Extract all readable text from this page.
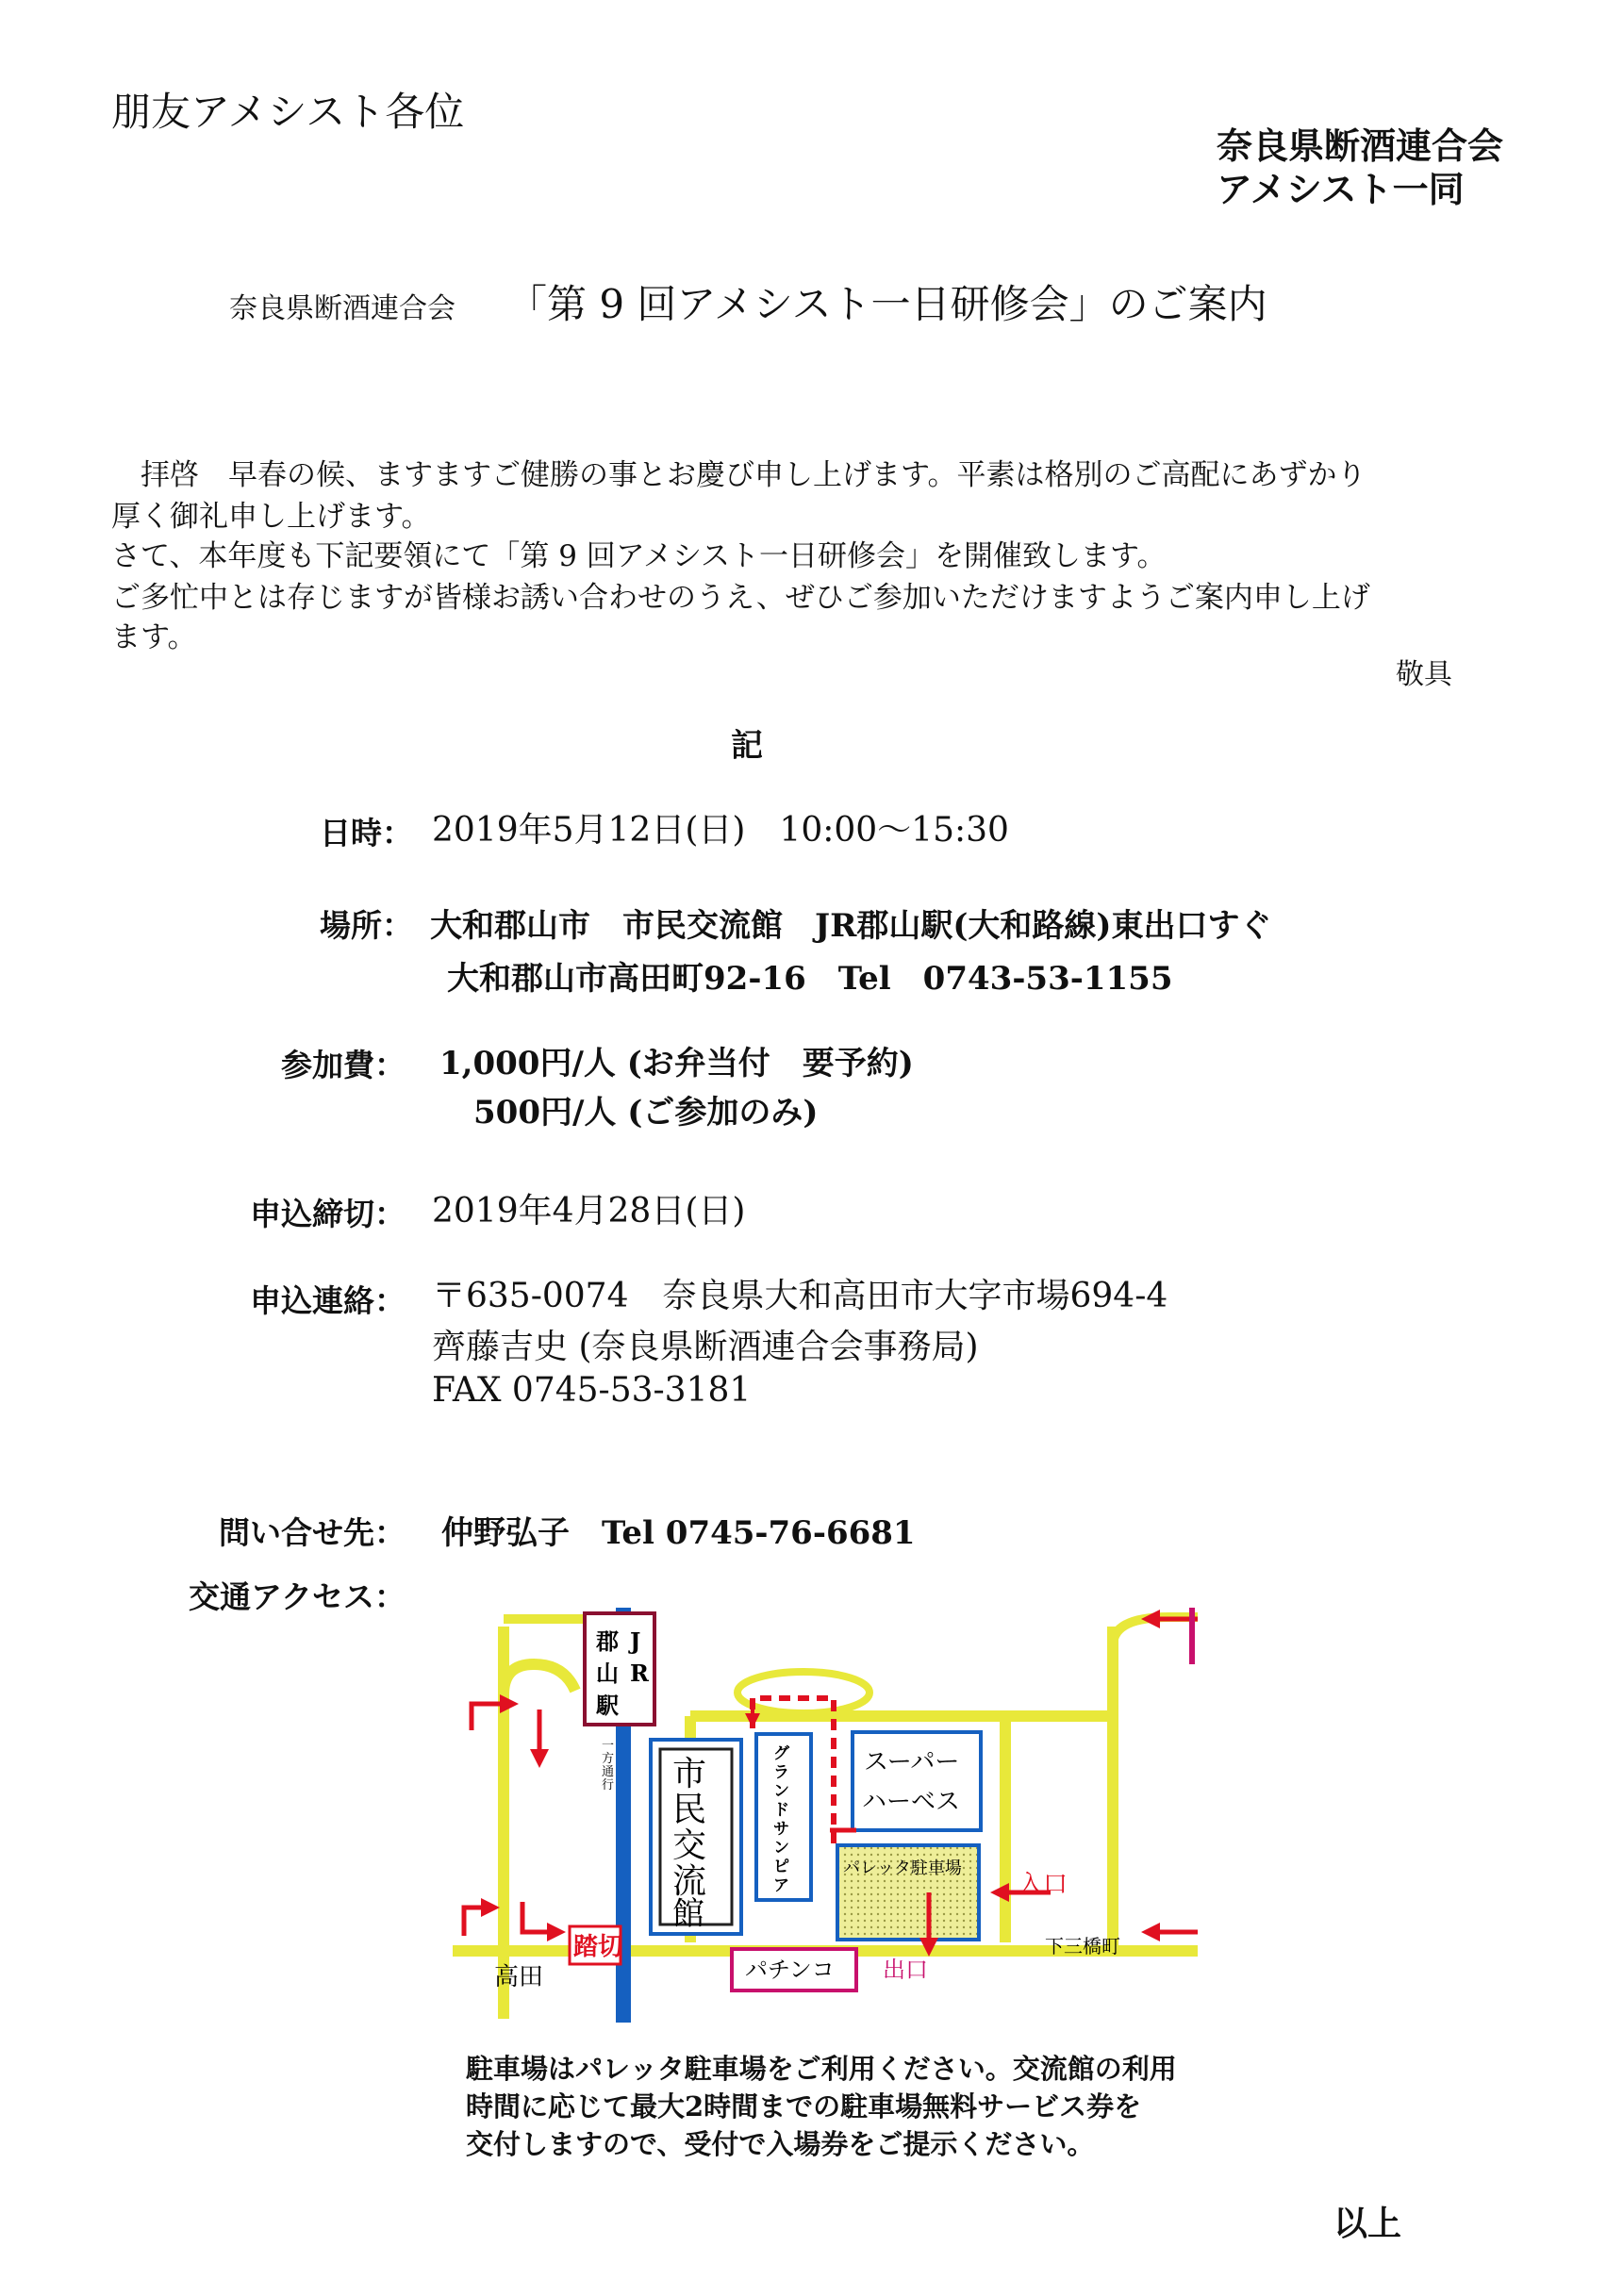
朋友アメシスト各位
奈良県断酒連合会
アメシスト一同
奈良県断酒連合会 「第 9 回アメシスト一日研修会」のご案内
　拝啓　早春の候、ますますご健勝の事とお慶び申し上げます。平素は格別のご高配にあずかり
厚く御礼申し上げます。
さて、本年度も下記要領にて「第 9 回アメシスト一日研修会」を開催致します。
ご多忙中とは存じますが皆様お誘い合わせのうえ、ぜひご参加いただけますようご案内申し上げ
ます。
敬具
記
日時： 2019年5月12日(日)　10:00～15:30
場所： 大和郡山市　市民交流館　JR郡山駅(大和路線)東出口すぐ
大和郡山市高田町92-16　Tel　0743-53-1155
参加費： 1,000円/人 (お弁当付　要予約)
500円/人 (ご参加のみ)
申込締切： 2019年4月28日(日)
申込連絡： 〒635-0074　奈良県大和高田市大字市場694-4
齊藤吉史 (奈良県断酒連合会事務局)
FAX 0745-53-3181
問い合せ先： 仲野弘子　Tel 0745-76-6681
交通アクセス：
郡
山
駅
J
R
一
方
通
行 市
民
交
流
館
グ
ラ
ン
ド
サ
ン
ピ
ア
スーパー
ハーベス
パレッタ駐車場
入口
踏切
パチンコ 出口
下三橋町
高田
駐車場はパレッタ駐車場をご利用ください。交流館の利用
時間に応じて最大2時間までの駐車場無料サービス券を
交付しますので、受付で入場券をご提示ください。
以上
